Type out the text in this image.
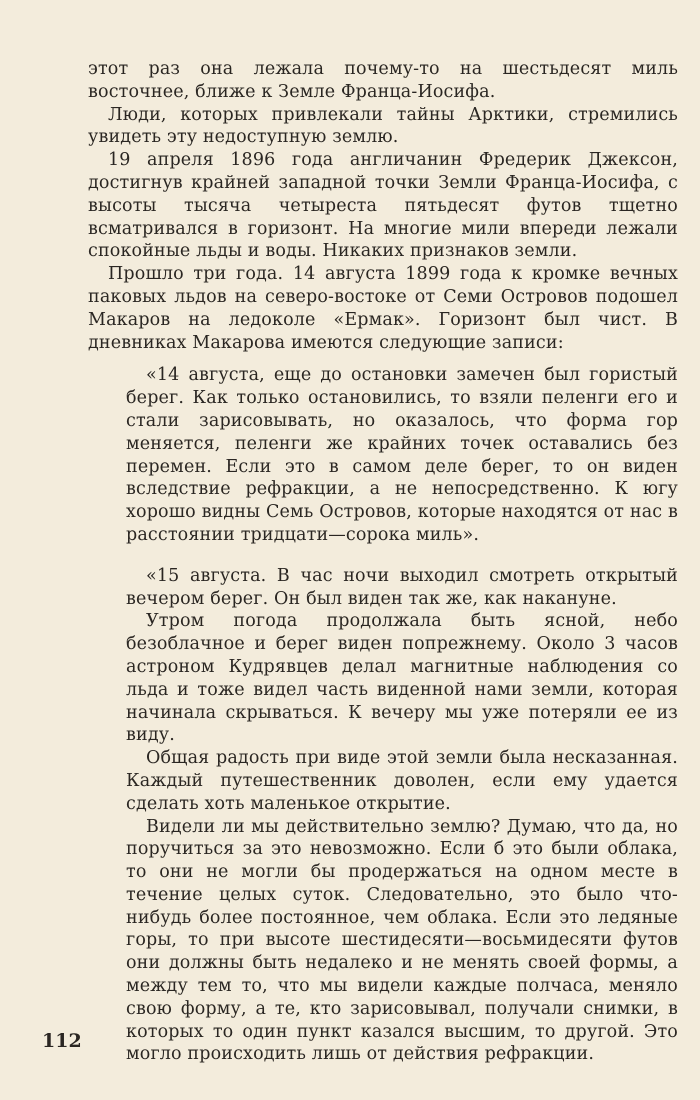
этот раз она лежала почему-то на шестьдесят миль восточнее, ближе к Земле Франца-Иосифа.

Люди, которых привлекали тайны Арктики, стремились увидеть эту недоступную землю.

19 апреля 1896 года англичанин Фредерик Джексон, достигнув крайней западной точки Земли Франца-Иосифа, с высоты тысяча четыреста пятьдесят футов тщетно всматривался в горизонт. На многие мили впереди лежали спокойные льды и воды. Никаких признаков земли.

Прошло три года. 14 августа 1899 года к кромке вечных паковых льдов на северо-востоке от Семи Островов подошел Макаров на ледоколе «Ермак». Горизонт был чист. В дневниках Макарова имеются следующие записи:

«14 августа, еще до остановки замечен был гористый берег. Как только остановились, то взяли пеленги его и стали зарисовывать, но оказалось, что форма гор меняется, пеленги же крайних точек оставались без перемен. Если это в самом деле берег, то он виден вследствие рефракции, а не непосредственно. К югу хорошо видны Семь Островов, которые находятся от нас в расстоянии тридцати—сорока миль».

«15 августа. В час ночи выходил смотреть открытый вечером берег. Он был виден так же, как накануне.

Утром погода продолжала быть ясной, небо безоблачное и берег виден попрежнему. Около 3 часов астроном Кудрявцев делал магнитные наблюдения со льда и тоже видел часть виденной нами земли, которая начинала скрываться. К вечеру мы уже потеряли ее из виду.

Общая радость при виде этой земли была несказанная. Каждый путешественник доволен, если ему удается сделать хоть маленькое открытие.

Видели ли мы действительно землю? Думаю, что да, но поручиться за это невозможно. Если б это были облака, то они не могли бы продержаться на одном месте в течение целых суток. Следовательно, это было что-нибудь более постоянное, чем облака. Если это ледяные горы, то при высоте шестидесяти—восьмидесяти футов они должны быть недалеко и не менять своей формы, а между тем то, что мы видели каждые полчаса, меняло свою форму, а те, кто зарисовывал, получали снимки, в которых то один пункт казался высшим, то другой. Это могло происходить лишь от действия рефракции.

112
